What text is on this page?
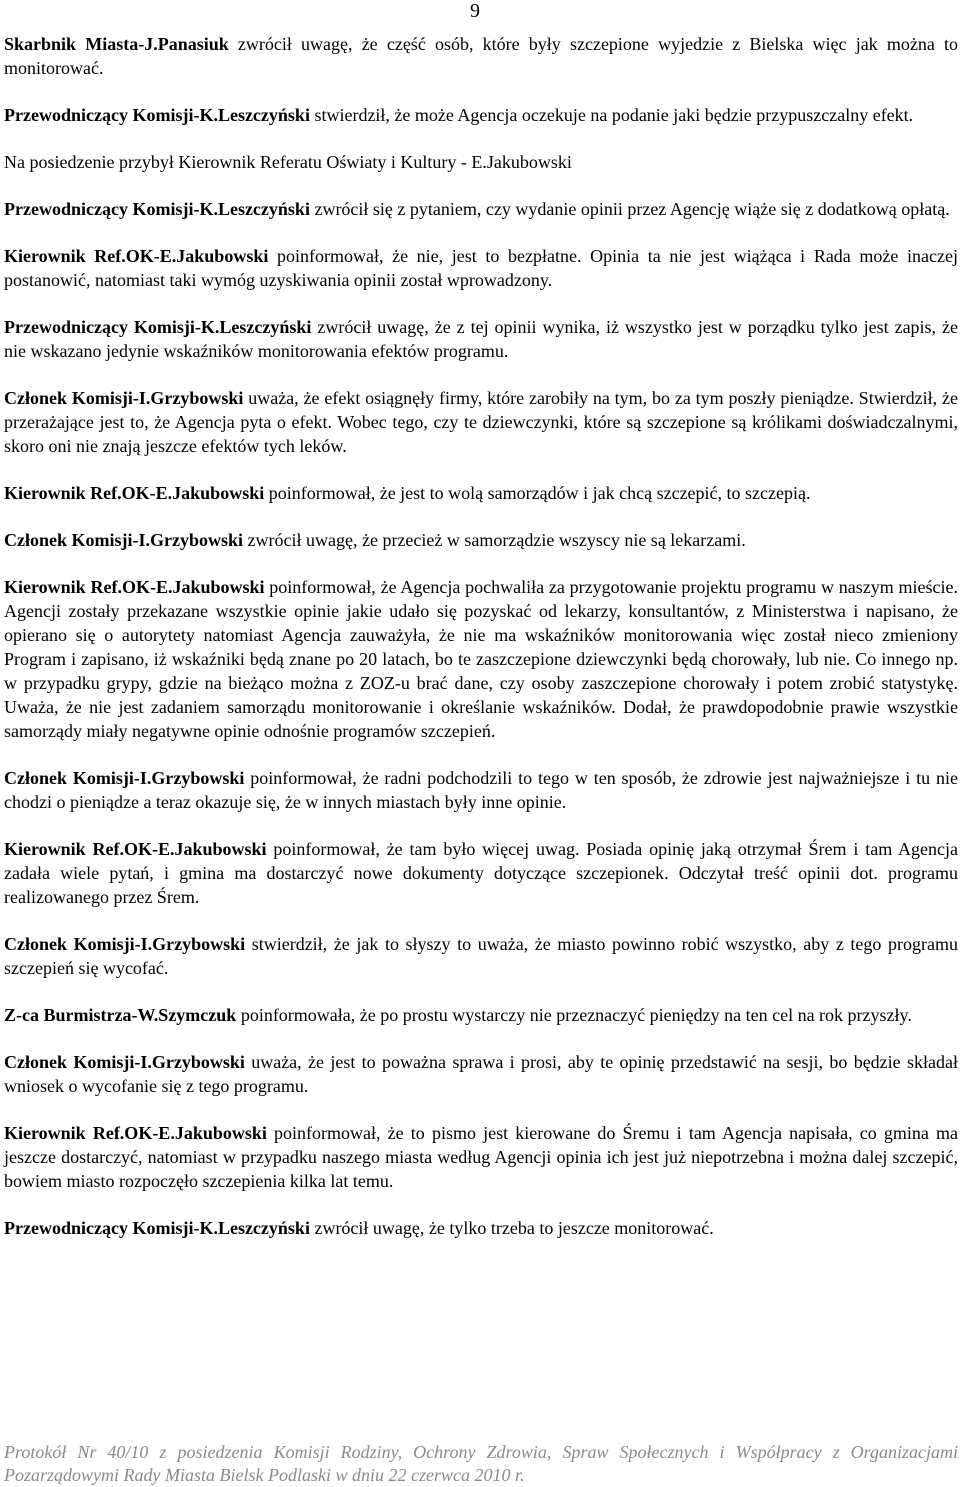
9

Skarbnik Miasta-J.Panasiuk zwrócił uwagę, że część osób, które były szczepione wyjedzie z Bielska więc jak można to monitorować.

Przewodniczący Komisji-K.Leszczyński stwierdził, że może Agencja oczekuje na podanie jaki będzie przypuszczalny efekt.

Na posiedzenie przybył Kierownik Referatu Oświaty i Kultury - E.Jakubowski

Przewodniczący Komisji-K.Leszczyński zwrócił się z pytaniem, czy wydanie opinii przez Agencję wiąże się z dodatkową opłatą.

Kierownik Ref.OK-E.Jakubowski poinformował, że nie, jest to bezpłatne. Opinia ta nie jest wiążąca i Rada może inaczej postanowić, natomiast taki wymóg uzyskiwania opinii został wprowadzony.

Przewodniczący Komisji-K.Leszczyński zwrócił uwagę, że z tej opinii wynika, iż wszystko jest w porządku tylko jest zapis, że nie wskazano jedynie wskaźników monitorowania efektów programu.

Członek Komisji-I.Grzybowski uważa, że efekt osiągnęły firmy, które zarobiły na tym, bo za tym poszły pieniądze. Stwierdził, że przerażające jest to, że Agencja pyta o efekt. Wobec tego, czy te dziewczynki, które są szczepione są królikami doświadczalnymi, skoro oni nie znają jeszcze efektów tych leków.

Kierownik Ref.OK-E.Jakubowski poinformował, że jest to wolą samorządów i jak chcą szczepić, to szczepią.

Członek Komisji-I.Grzybowski zwrócił uwagę, że przecież w samorządzie wszyscy nie są lekarzami.

Kierownik Ref.OK-E.Jakubowski poinformował, że Agencja pochwaliła za przygotowanie projektu programu w naszym mieście. Agencji zostały przekazane wszystkie opinie jakie udało się pozyskać od lekarzy, konsultantów, z Ministerstwa i napisano, że opierano się o autorytety natomiast Agencja zauważyła, że nie ma wskaźników monitorowania więc został nieco zmieniony Program i zapisano, iż wskaźniki będą znane po 20 latach, bo te zaszczepione dziewczynki będą chorowały, lub nie. Co innego np. w przypadku grypy, gdzie na bieżąco można z ZOZ-u brać dane, czy osoby zaszczepione chorowały i potem zrobić statystykę. Uważa, że nie jest zadaniem samorządu monitorowanie i określanie wskaźników. Dodał, że prawdopodobnie prawie wszystkie samorządy miały negatywne opinie odnośnie programów szczepień.

Członek Komisji-I.Grzybowski poinformował, że radni podchodzili to tego w ten sposób, że zdrowie jest najważniejsze i tu nie chodzi o pieniądze a teraz okazuje się, że w innych miastach były inne opinie.

Kierownik Ref.OK-E.Jakubowski poinformował, że tam było więcej uwag. Posiada opinię jaką otrzymał Śrem i tam Agencja zadała wiele pytań, i gmina ma dostarczyć nowe dokumenty dotyczące szczepionek. Odczytał treść opinii dot. programu realizowanego przez Śrem.

Członek Komisji-I.Grzybowski stwierdził, że jak to słyszy to uważa, że miasto powinno robić wszystko, aby z tego programu szczepień się wycofać.

Z-ca Burmistrza-W.Szymczuk poinformowała, że po prostu wystarczy nie przeznaczyć pieniędzy na ten cel na rok przyszły.

Członek Komisji-I.Grzybowski uważa, że jest to poważna sprawa i prosi, aby te opinię przedstawić na sesji, bo będzie składał wniosek o wycofanie się z tego programu.

Kierownik Ref.OK-E.Jakubowski poinformował, że to pismo jest kierowane do Śremu i tam Agencja napisała, co gmina ma jeszcze dostarczyć, natomiast w przypadku naszego miasta według Agencji opinia ich jest już niepotrzebna i można dalej szczepić, bowiem miasto rozpoczęło szczepienia kilka lat temu.

Przewodniczący Komisji-K.Leszczyński zwrócił uwagę, że tylko trzeba to jeszcze monitorować.

Protokół Nr 40/10 z posiedzenia Komisji Rodziny, Ochrony Zdrowia, Spraw Społecznych i Współpracy z Organizacjami Pozarządowymi Rady Miasta Bielsk Podlaski w dniu 22 czerwca 2010 r.
